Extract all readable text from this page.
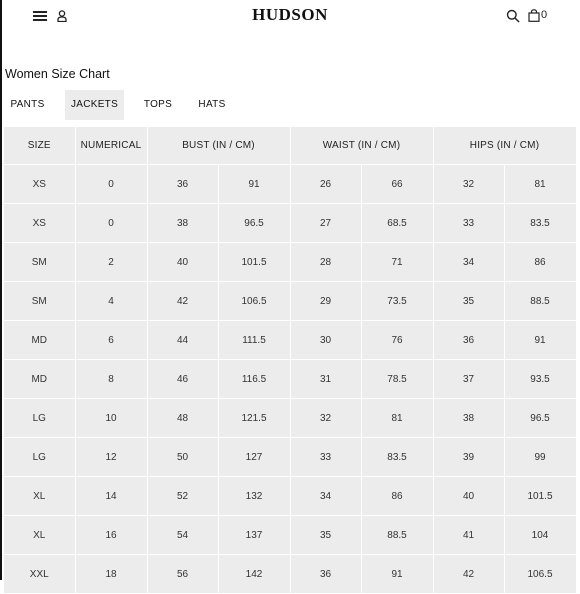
HUDSON	0
Women Size Chart
PANTS	JACKETS	TOPS	HATS
SIZE	NUMERICAL	BUST (IN / CM)		WAIST (IN / CM)		HIPS (IN / CM)	
XS	0	36	91	26	66	32	81
XS	0	38	96.5	27	68.5	33	83.5
SM	2	40	101.5	28	71	34	86
SM	4	42	106.5	29	73.5	35	88.5
MD	6	44	111.5	30	76	36	91
MD	8	46	116.5	31	78.5	37	93.5
LG	10	48	121.5	32	81	38	96.5
LG	12	50	127	33	83.5	39	99
XL	14	52	132	34	86	40	101.5
XL	16	54	137	35	88.5	41	104
XXL	18	56	142	36	91	42	106.5
